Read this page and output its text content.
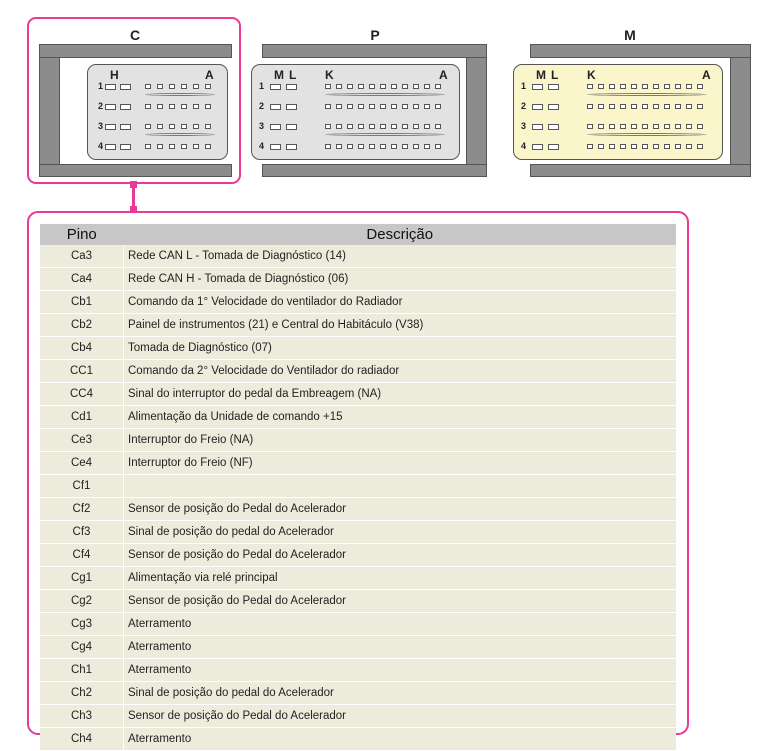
C
H	A
1
2
3
4
P
M L K	A
1
2
3
4
M
M L K	A
1
2
3
4
Pino	Descrição
Ca3	Rede CAN L - Tomada de Diagnóstico (14)
Ca4	Rede CAN H - Tomada de Diagnóstico (06)
Cb1	Comando da 1° Velocidade do ventilador do Radiador
Cb2	Painel de instrumentos (21) e Central do Habitáculo (V38)
Cb4	Tomada de Diagnóstico (07)
CC1	Comando da 2° Velocidade do Ventilador do radiador
CC4	Sinal do interruptor do pedal da Embreagem (NA)
Cd1	Alimentação da Unidade de comando +15
Ce3	Interruptor do Freio (NA)
Ce4	Interruptor do Freio (NF)
Cf1	
Cf2	Sensor de posição do Pedal do Acelerador
Cf3	Sinal de posição do pedal do Acelerador
Cf4	Sensor de posição do Pedal do Acelerador
Cg1	Alimentação via relé principal
Cg2	Sensor de posição do Pedal do Acelerador
Cg3	Aterramento
Cg4	Aterramento
Ch1	Aterramento
Ch2	Sinal de posição do pedal do Acelerador
Ch3	Sensor de posição do Pedal do Acelerador
Ch4	Aterramento
